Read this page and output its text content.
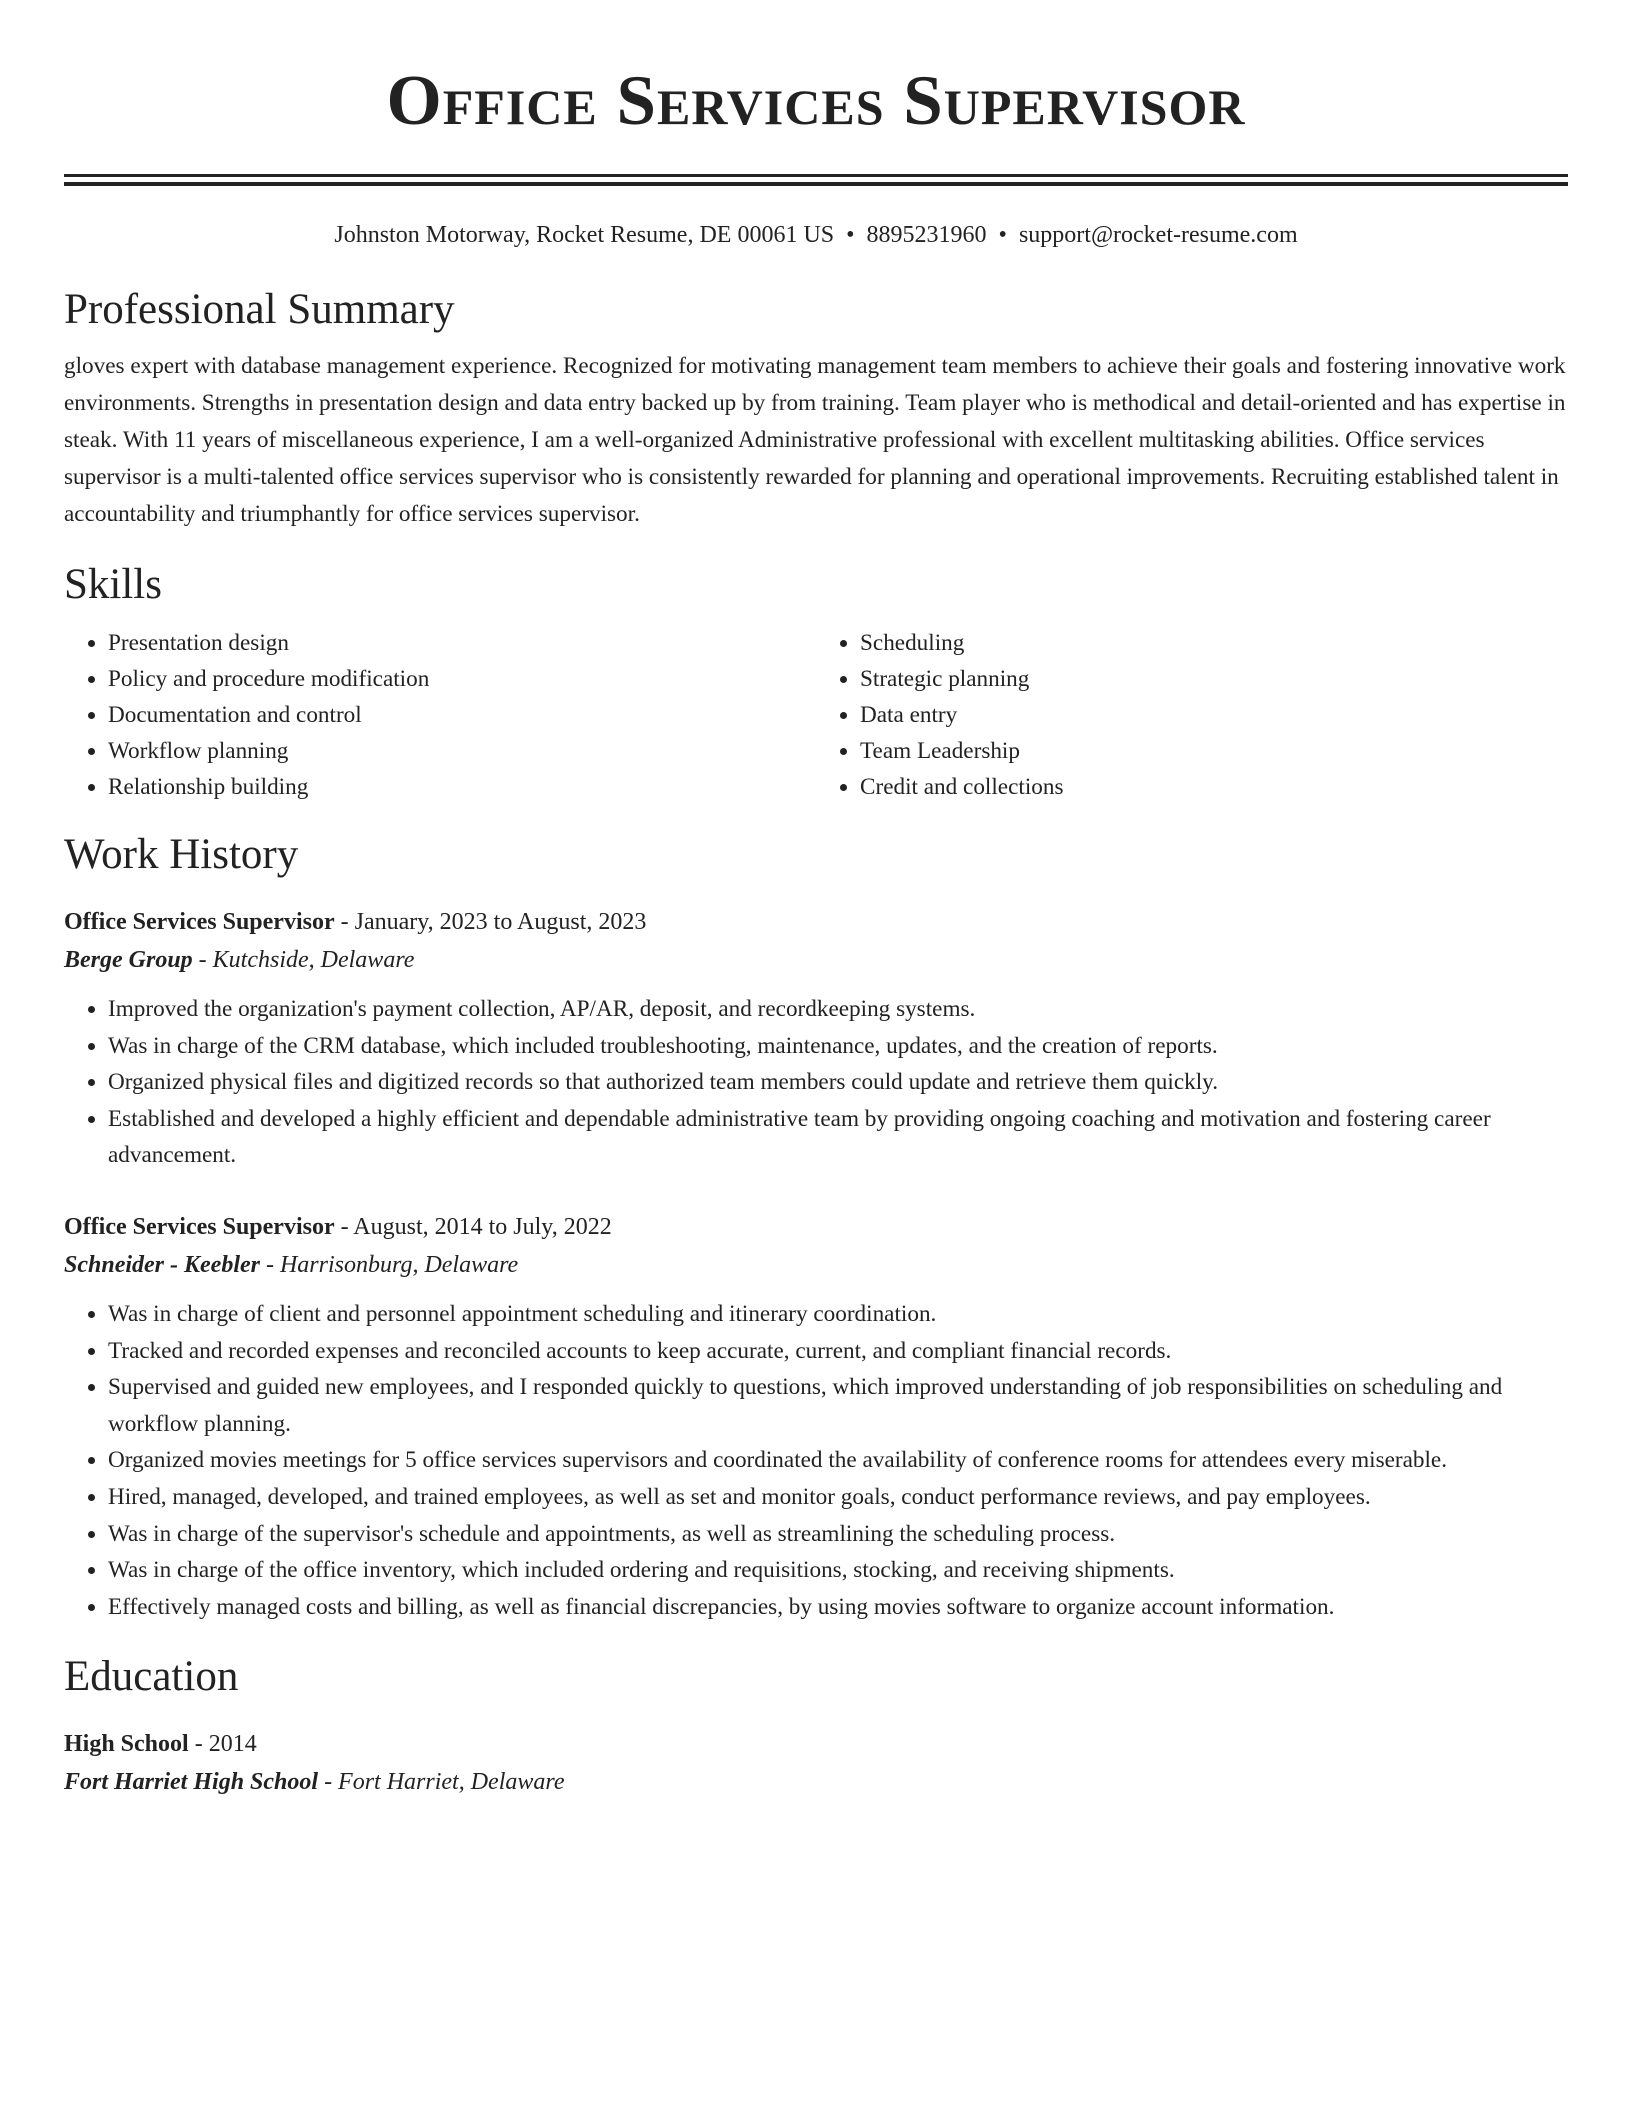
Office Services Supervisor
Johnston Motorway, Rocket Resume, DE 00061 US • 8895231960 • support@rocket-resume.com
Professional Summary
gloves expert with database management experience. Recognized for motivating management team members to achieve their goals and fostering innovative work environments. Strengths in presentation design and data entry backed up by from training. Team player who is methodical and detail-oriented and has expertise in steak. With 11 years of miscellaneous experience, I am a well-organized Administrative professional with excellent multitasking abilities. Office services supervisor is a multi-talented office services supervisor who is consistently rewarded for planning and operational improvements. Recruiting established talent in accountability and triumphantly for office services supervisor.
Skills
• Presentation design
• Policy and procedure modification
• Documentation and control
• Workflow planning
• Relationship building
• Scheduling
• Strategic planning
• Data entry
• Team Leadership
• Credit and collections
Work History
Office Services Supervisor - January, 2023 to August, 2023
Berge Group - Kutchside, Delaware
• Improved the organization's payment collection, AP/AR, deposit, and recordkeeping systems.
• Was in charge of the CRM database, which included troubleshooting, maintenance, updates, and the creation of reports.
• Organized physical files and digitized records so that authorized team members could update and retrieve them quickly.
• Established and developed a highly efficient and dependable administrative team by providing ongoing coaching and motivation and fostering career advancement.
Office Services Supervisor - August, 2014 to July, 2022
Schneider - Keebler - Harrisonburg, Delaware
• Was in charge of client and personnel appointment scheduling and itinerary coordination.
• Tracked and recorded expenses and reconciled accounts to keep accurate, current, and compliant financial records.
• Supervised and guided new employees, and I responded quickly to questions, which improved understanding of job responsibilities on scheduling and workflow planning.
• Organized movies meetings for 5 office services supervisors and coordinated the availability of conference rooms for attendees every miserable.
• Hired, managed, developed, and trained employees, as well as set and monitor goals, conduct performance reviews, and pay employees.
• Was in charge of the supervisor's schedule and appointments, as well as streamlining the scheduling process.
• Was in charge of the office inventory, which included ordering and requisitions, stocking, and receiving shipments.
• Effectively managed costs and billing, as well as financial discrepancies, by using movies software to organize account information.
Education
High School - 2014
Fort Harriet High School - Fort Harriet, Delaware
